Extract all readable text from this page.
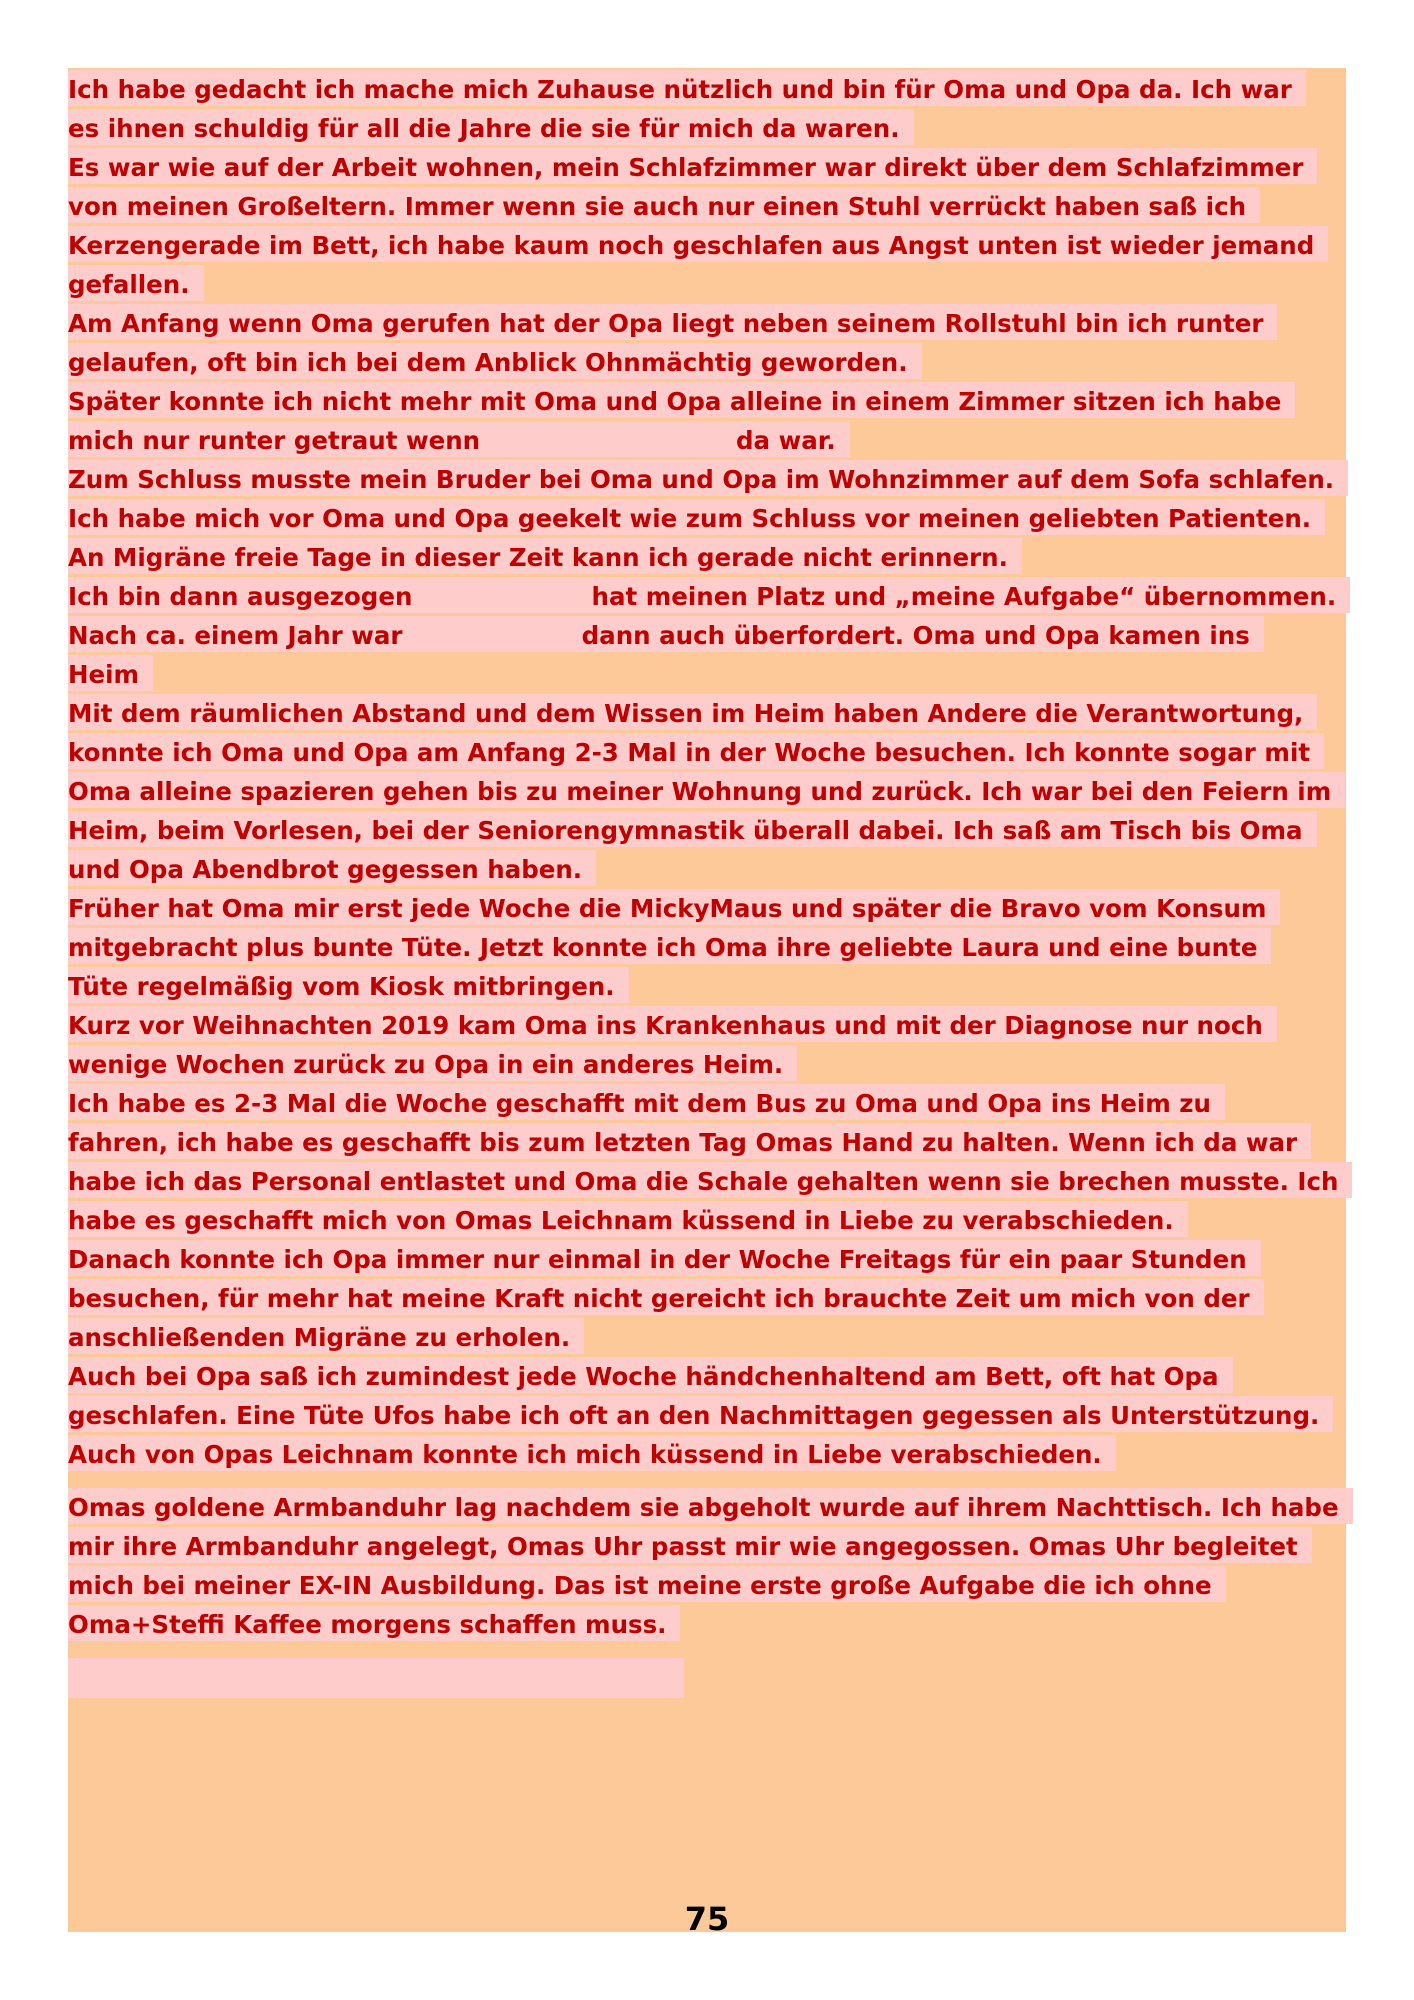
Ich habe gedacht ich mache mich Zuhause nützlich und bin für Oma und Opa da. Ich war
es ihnen schuldig für all die Jahre die sie für mich da waren.
Es war wie auf der Arbeit wohnen, mein Schlafzimmer war direkt über dem Schlafzimmer
von meinen Großeltern. Immer wenn sie auch nur einen Stuhl verrückt haben saß ich
Kerzengerade im Bett, ich habe kaum noch geschlafen aus Angst unten ist wieder jemand
gefallen.
Am Anfang wenn Oma gerufen hat der Opa liegt neben seinem Rollstuhl bin ich runter
gelaufen, oft bin ich bei dem Anblick Ohnmächtig geworden.
Später konnte ich nicht mehr mit Oma und Opa alleine in einem Zimmer sitzen ich habe
mich nur runter getraut wenn                              da war.
Zum Schluss musste mein Bruder bei Oma und Opa im Wohnzimmer auf dem Sofa schlafen.
Ich habe mich vor Oma und Opa geekelt wie zum Schluss vor meinen geliebten Patienten.
An Migräne freie Tage in dieser Zeit kann ich gerade nicht erinnern.
Ich bin dann ausgezogen                     hat meinen Platz und „meine Aufgabe“ übernommen.
Nach ca. einem Jahr war                     dann auch überfordert. Oma und Opa kamen ins
Heim
Mit dem räumlichen Abstand und dem Wissen im Heim haben Andere die Verantwortung,
konnte ich Oma und Opa am Anfang 2-3 Mal in der Woche besuchen. Ich konnte sogar mit
Oma alleine spazieren gehen bis zu meiner Wohnung und zurück. Ich war bei den Feiern im
Heim, beim Vorlesen, bei der Seniorengymnastik überall dabei. Ich saß am Tisch bis Oma
und Opa Abendbrot gegessen haben.
Früher hat Oma mir erst jede Woche die MickyMaus und später die Bravo vom Konsum
mitgebracht plus bunte Tüte. Jetzt konnte ich Oma ihre geliebte Laura und eine bunte
Tüte regelmäßig vom Kiosk mitbringen.
Kurz vor Weihnachten 2019 kam Oma ins Krankenhaus und mit der Diagnose nur noch
wenige Wochen zurück zu Opa in ein anderes Heim.
Ich habe es 2-3 Mal die Woche geschafft mit dem Bus zu Oma und Opa ins Heim zu
fahren, ich habe es geschafft bis zum letzten Tag Omas Hand zu halten. Wenn ich da war
habe ich das Personal entlastet und Oma die Schale gehalten wenn sie brechen musste. Ich
habe es geschafft mich von Omas Leichnam küssend in Liebe zu verabschieden.
Danach konnte ich Opa immer nur einmal in der Woche Freitags für ein paar Stunden
besuchen, für mehr hat meine Kraft nicht gereicht ich brauchte Zeit um mich von der
anschließenden Migräne zu erholen.
Auch bei Opa saß ich zumindest jede Woche händchenhaltend am Bett, oft hat Opa
geschlafen. Eine Tüte Ufos habe ich oft an den Nachmittagen gegessen als Unterstützung.
Auch von Opas Leichnam konnte ich mich küssend in Liebe verabschieden.
Omas goldene Armbanduhr lag nachdem sie abgeholt wurde auf ihrem Nachttisch. Ich habe
mir ihre Armbanduhr angelegt, Omas Uhr passt mir wie angegossen. Omas Uhr begleitet
mich bei meiner EX-IN Ausbildung. Das ist meine erste große Aufgabe die ich ohne
Oma+Steffi Kaffee morgens schaffen muss.
75
